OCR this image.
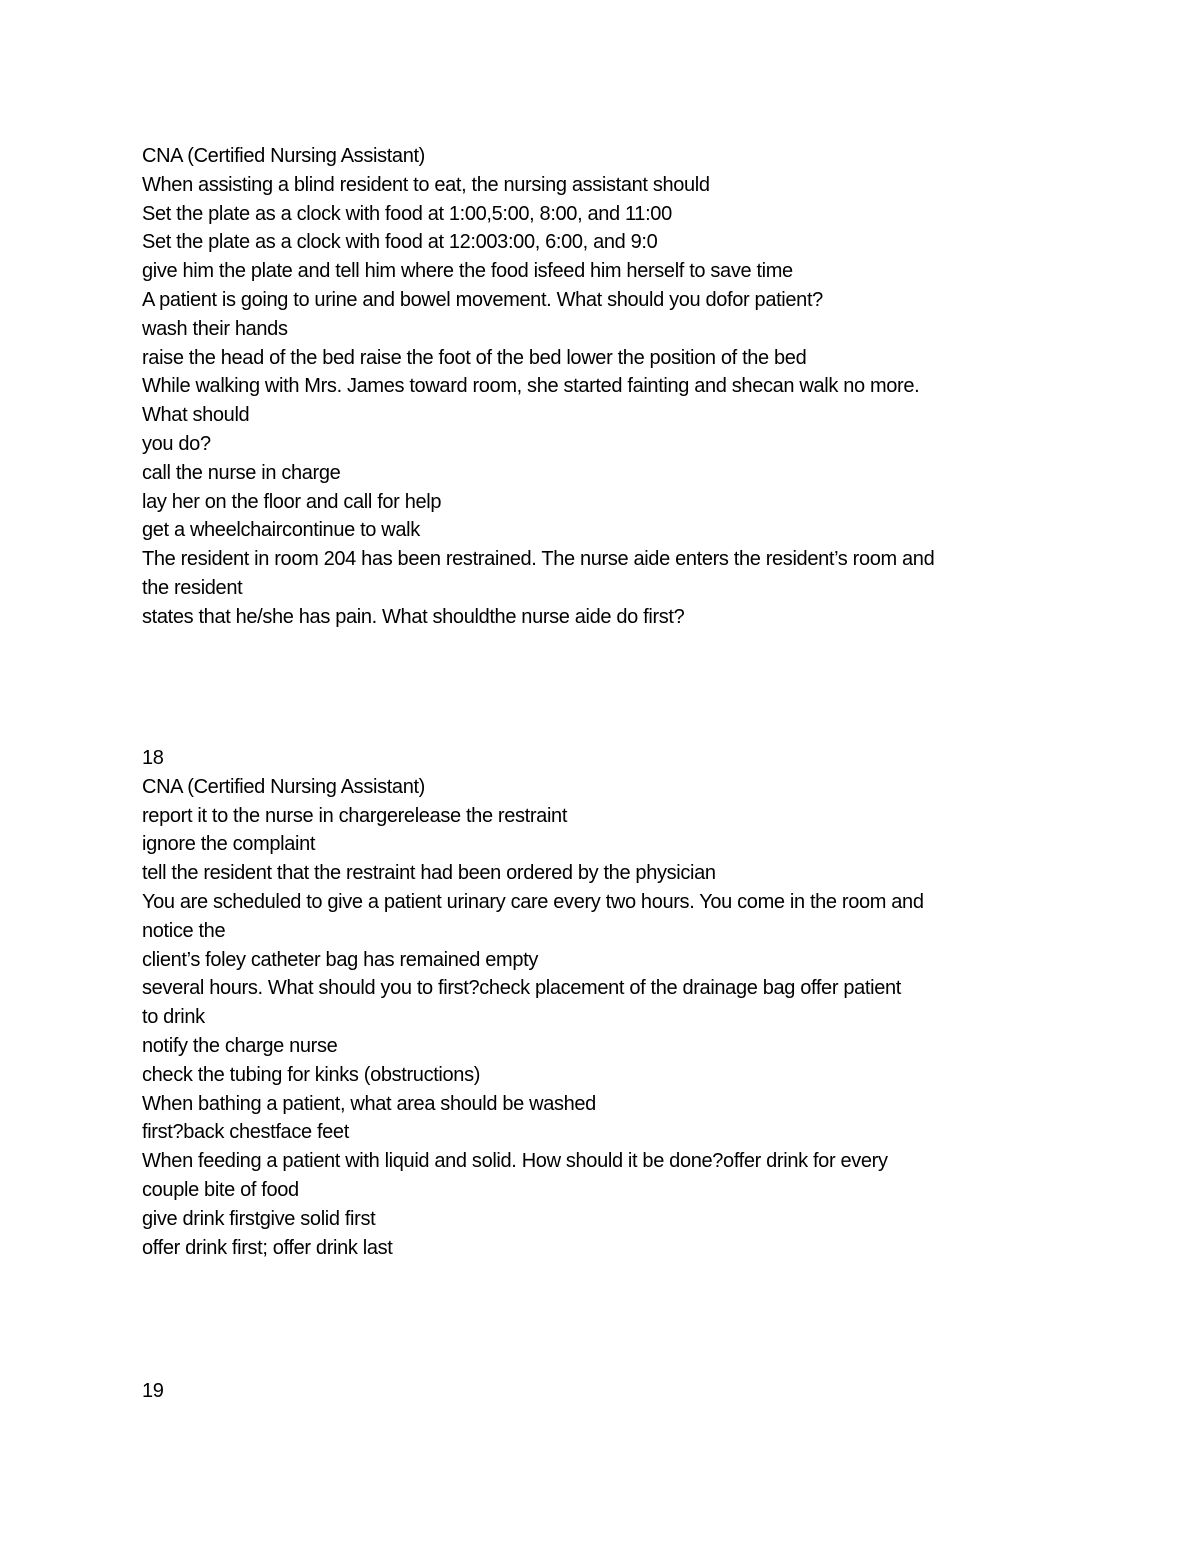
CNA (Certified Nursing Assistant)
When assisting a blind resident to eat, the nursing assistant should
Set the plate as a clock with food at 1:00,5:00, 8:00, and 11:00
Set the plate as a clock with food at 12:003:00, 6:00, and 9:0
give him the plate and tell him where the food isfeed him herself to save time
A patient is going to urine and bowel movement. What should you dofor patient?
wash their hands
raise the head of the bed raise the foot of the bed lower the position of the bed
While walking with Mrs. James toward room, she started fainting and shecan walk no more.
What should
you do?
call the nurse in charge
lay her on the floor and call for help
get a wheelchaircontinue to walk
The resident in room 204 has been restrained. The nurse aide enters the resident’s room and
the resident
states that he/she has pain. What shouldthe nurse aide do first?
18
CNA (Certified Nursing Assistant)
report it to the nurse in chargerelease the restraint
ignore the complaint
tell the resident that the restraint had been ordered by the physician
You are scheduled to give a patient urinary care every two hours. You come in the room and
notice the
client’s foley catheter bag has remained empty
several hours. What should you to first?check placement of the drainage bag offer patient
to drink
notify the charge nurse
check the tubing for kinks (obstructions)
When bathing a patient, what area should be washed
first?back chestface feet
When feeding a patient with liquid and solid. How should it be done?offer drink for every
couple bite of food
give drink firstgive solid first
offer drink first; offer drink last
19
